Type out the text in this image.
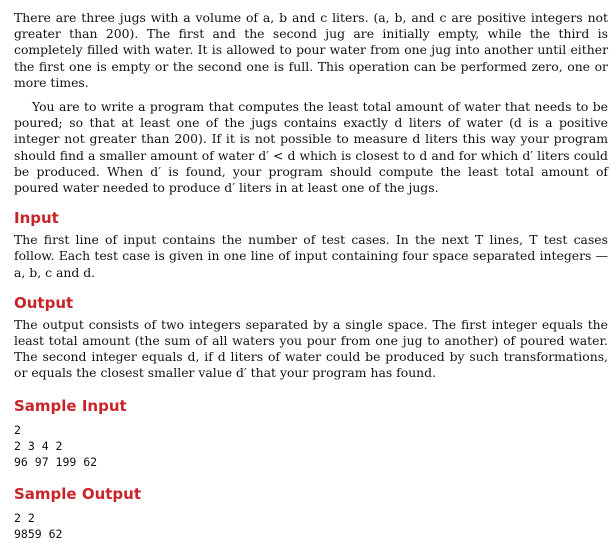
There are three jugs with a volume of a, b and c liters. (a, b, and c are positive integers not greater than 200). The first and the second jug are initially empty, while the third is completely filled with water. It is allowed to pour water from one jug into another until either the first one is empty or the second one is full. This operation can be performed zero, one or more times.

You are to write a program that computes the least total amount of water that needs to be poured; so that at least one of the jugs contains exactly d liters of water (d is a positive integer not greater than 200). If it is not possible to measure d liters this way your program should find a smaller amount of water d′ < d which is closest to d and for which d′ liters could be produced. When d′ is found, your program should compute the least total amount of poured water needed to produce d′ liters in at least one of the jugs.

Input

The first line of input contains the number of test cases. In the next T lines, T test cases follow. Each test case is given in one line of input containing four space separated integers — a, b, c and d.

Output

The output consists of two integers separated by a single space. The first integer equals the least total amount (the sum of all waters you pour from one jug to another) of poured water. The second integer equals d, if d liters of water could be produced by such transformations, or equals the closest smaller value d′ that your program has found.

Sample Input
2
2 3 4 2
96 97 199 62
Sample Output
2 2
9859 62
